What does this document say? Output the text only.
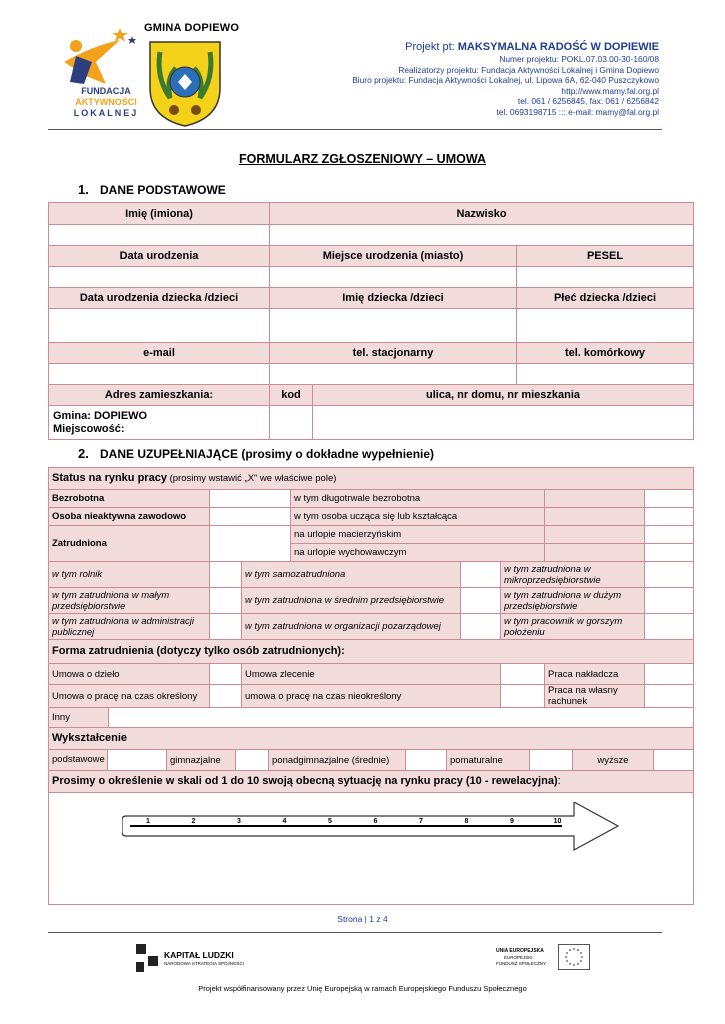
FUNDACJA
AKTYWNOŚCI
LOKALNEJ
GMINA DOPIEWO
Projekt pt: MAKSYMALNA RADOŚĆ W DOPIEWIE
Numer projektu: POKL.07.03.00-30-160/08
Realizatorzy projektu: Fundacja Aktywności Lokalnej i Gmina Dopiewo
Biuro projektu: Fundacja Aktywności Lokalnej, ul. Lipowa 6A, 62-040 Puszczykowo
http://www.mamy.fal.org.pl
tel. 061 / 6256845, fax: 061 / 6256842
tel. 0693198715 ::: e-mail: mamy@fal.org.pl
FORMULARZ ZGŁOSZENIOWY – UMOWA
1. DANE PODSTAWOWE
Imię (imiona)	Nazwisko		

Data urodzenia	Miejsce urodzenia (miasto)		PESEL

Data urodzenia dziecka /dzieci	Imię dziecka /dzieci		Płeć dziecka /dzieci

e-mail	tel. stacjonarny		tel. komórkowy

Adres zamieszkania:	kod	ulica, nr domu, nr mieszkania	

Gmina: DOPIEWO
Miejscowość:			

2. DANE UZUPEŁNIAJĄCE (prosimy o dokładne wypełnienie)
Status na rynku pracy (prosimy wstawić „X” we właściwe pole)								
Bezrobotna				w tym długotrwale bezrobotna				
Osoba nieaktywna zawodowo				w tym osoba ucząca się lub kształcąca				
Zatrudniona				na urlopie macierzyńskim				
				na urlopie wychowawczym				
w tym rolnik			w tym samozatrudniona			w tym zatrudniona w mikroprzedsiębiorstwie		
w tym zatrudniona w małym przedsiębiorstwie			w tym zatrudniona w średnim przedsiębiorstwie			w tym zatrudniona w dużym przedsiębiorstwie		
w tym zatrudniona w administracji publicznej			w tym zatrudniona w organizacji pozarządowej			w tym pracownik w gorszym położeniu		
Forma zatrudnienia (dotyczy tylko osób zatrudnionych):								
Umowa o dzieło			Umowa zlecenie				Praca nakładcza	
Umowa o pracę na czas określony			umowa o pracę na czas nieokreślony				Praca na własny rachunek	
Inny								
Wykształcenie								

podstawowe gimnazjalne ponadgimnazjalne (średnie) pomaturalne wyższe								

Prosimy o określenie w skali od 1 do 10 swoją obecną sytuację na rynku pracy (10 - rewelacyjna):								

1	2	3	4	5	6	7	8	9	10
Strona | 1 z 4
KAPITAŁ LUDZKI
NARODOWA STRATEGIA SPÓJNOŚCI
UNIA EUROPEJSKA
EUROPEJSKI
FUNDUSZ SPOŁECZNY
Projekt współfinansowany przez Unię Europejską w ramach Europejskiego Funduszu Społecznego
